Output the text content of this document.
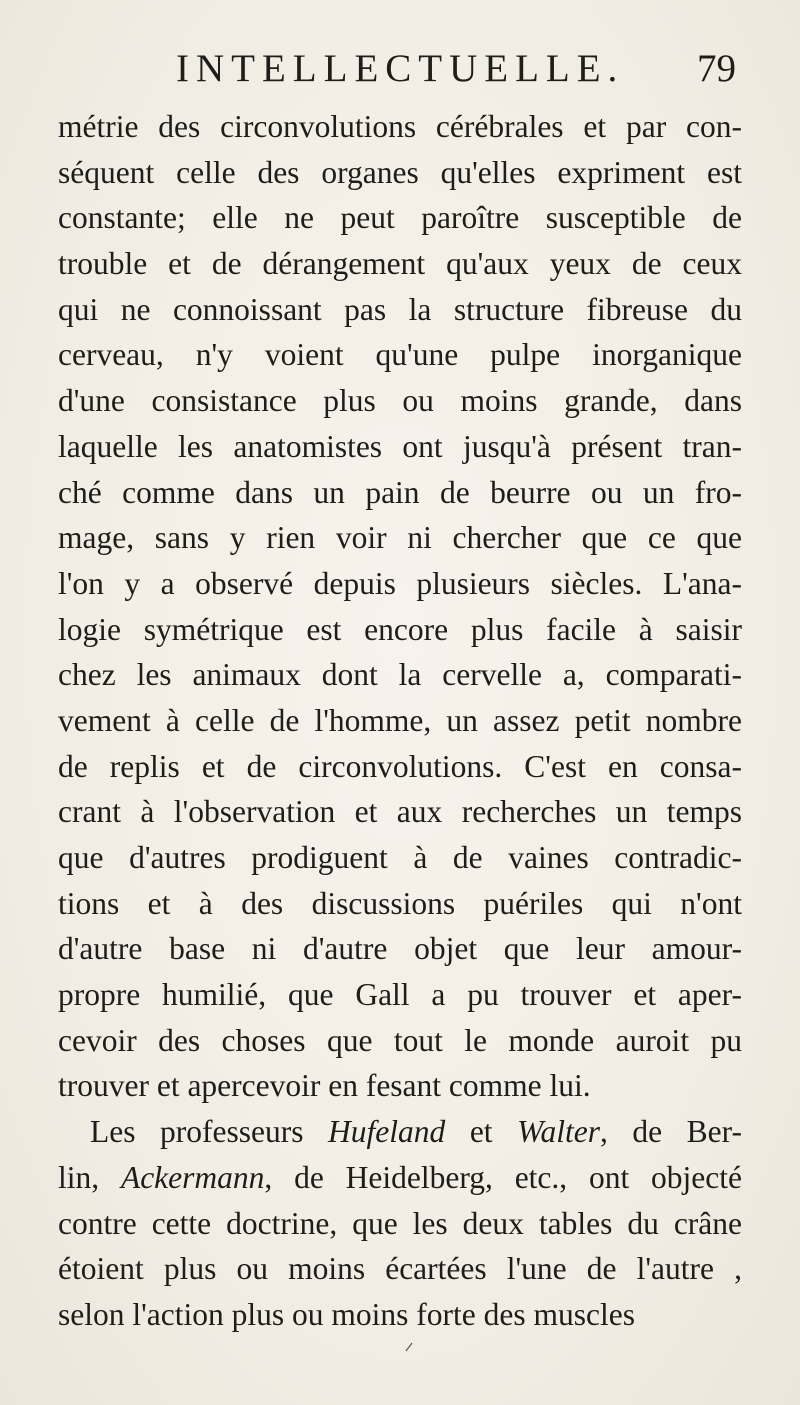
INTELLECTUELLE. 79
métrie des circonvolutions cérébrales et par con-
séquent celle des organes qu'elles expriment est
constante; elle ne peut paroître susceptible de
trouble et de dérangement qu'aux yeux de ceux
qui ne connoissant pas la structure fibreuse du
cerveau, n'y voient qu'une pulpe inorganique
d'une consistance plus ou moins grande, dans
laquelle les anatomistes ont jusqu'à présent tran-
ché comme dans un pain de beurre ou un fro-
mage, sans y rien voir ni chercher que ce que
l'on y a observé depuis plusieurs siècles. L'ana-
logie symétrique est encore plus facile à saisir
chez les animaux dont la cervelle a, comparati-
vement à celle de l'homme, un assez petit nombre
de replis et de circonvolutions. C'est en consa-
crant à l'observation et aux recherches un temps
que d'autres prodiguent à de vaines contradic-
tions et à des discussions puériles qui n'ont
d'autre base ni d'autre objet que leur amour-
propre humilié, que Gall a pu trouver et aper-
cevoir des choses que tout le monde auroit pu
trouver et apercevoir en fesant comme lui.
Les professeurs Hufeland et Walter, de Ber-
lin, Ackermann, de Heidelberg, etc., ont objecté
contre cette doctrine, que les deux tables du crâne
étoient plus ou moins écartées l'une de l'autre ,
selon l'action plus ou moins forte des muscles
